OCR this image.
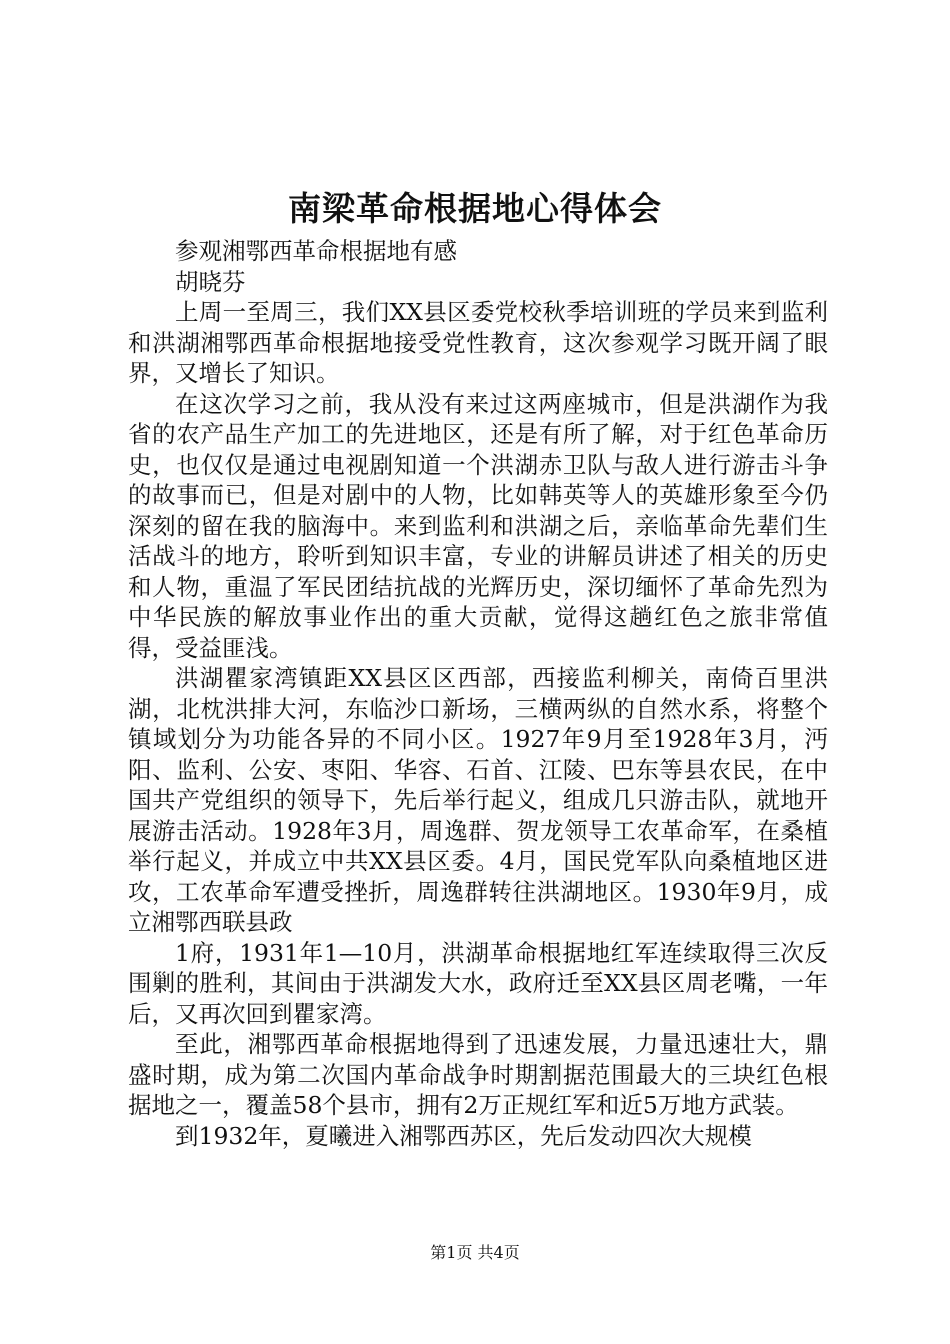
南梁革命根据地心得体会

参观湘鄂西革命根据地有感

胡晓芬

上周一至周三，我们XX县区委党校秋季培训班的学员来到监利和洪湖湘鄂西革命根据地接受党性教育，这次参观学习既开阔了眼界，又增长了知识。

在这次学习之前，我从没有来过这两座城市，但是洪湖作为我省的农产品生产加工的先进地区，还是有所了解，对于红色革命历史，也仅仅是通过电视剧知道一个洪湖赤卫队与敌人进行游击斗争的故事而已，但是对剧中的人物，比如韩英等人的英雄形象至今仍深刻的留在我的脑海中。来到监利和洪湖之后，亲临革命先辈们生活战斗的地方，聆听到知识丰富，专业的讲解员讲述了相关的历史和人物，重温了军民团结抗战的光辉历史，深切缅怀了革命先烈为中华民族的解放事业作出的重大贡献，觉得这趟红色之旅非常值得，受益匪浅。

洪湖瞿家湾镇距XX县区区西部，西接监利柳关，南倚百里洪湖，北枕洪排大河，东临沙口新场，三横两纵的自然水系，将整个镇域划分为功能各异的不同小区。1927年9月至1928年3月，沔阳、监利、公安、枣阳、华容、石首、江陵、巴东等县农民，在中国共产党组织的领导下，先后举行起义，组成几只游击队，就地开展游击活动。1928年3月，周逸群、贺龙领导工农革命军，在桑植举行起义，并成立中共XX县区委。4月，国民党军队向桑植地区进攻，工农革命军遭受挫折，周逸群转往洪湖地区。1930年9月，成立湘鄂西联县政

1府，1931年1—10月，洪湖革命根据地红军连续取得三次反围剿的胜利，其间由于洪湖发大水，政府迁至XX县区周老嘴，一年后，又再次回到瞿家湾。

至此，湘鄂西革命根据地得到了迅速发展，力量迅速壮大，鼎盛时期，成为第二次国内革命战争时期割据范围最大的三块红色根据地之一，覆盖58个县市，拥有2万正规红军和近5万地方武装。

到1932年，夏曦进入湘鄂西苏区，先后发动四次大规模

第1页 共4页
